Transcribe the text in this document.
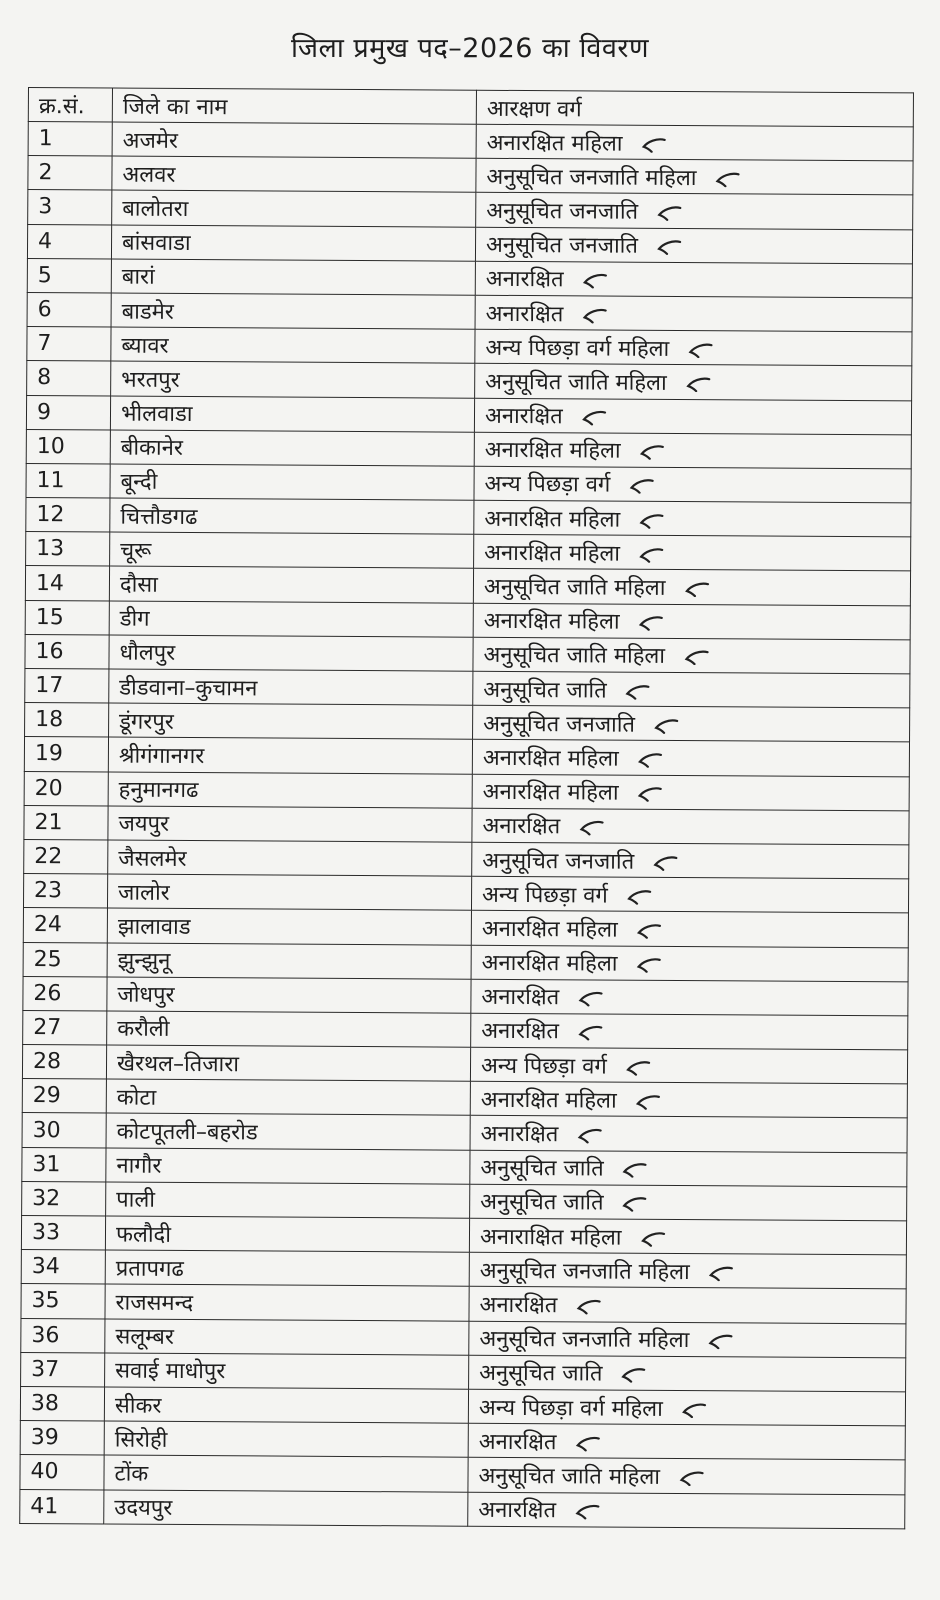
जिला प्रमुख पद–2026 का विवरण
क्र.सं.	जिले का नाम	आरक्षण वर्ग
1	अजमेर	अनारक्षित महिला

2	अलवर	अनुसूचित जनजाति महिला

3	बालोतरा	अनुसूचित जनजाति

4	बांसवाडा	अनुसूचित जनजाति

5	बारां	अनारक्षित

6	बाडमेर	अनारक्षित

7	ब्यावर	अन्य पिछड़ा वर्ग महिला

8	भरतपुर	अनुसूचित जाति महिला

9	भीलवाडा	अनारक्षित

10	बीकानेर	अनारक्षित महिला

11	बून्दी	अन्य पिछड़ा वर्ग

12	चित्तौडगढ	अनारक्षित महिला

13	चूरू	अनारक्षित महिला

14	दौसा	अनुसूचित जाति महिला

15	डीग	अनारक्षित महिला

16	धौलपुर	अनुसूचित जाति महिला

17	डीडवाना–कुचामन	अनुसूचित जाति

18	डूंगरपुर	अनुसूचित जनजाति

19	श्रीगंगानगर	अनारक्षित महिला

20	हनुमानगढ	अनारक्षित महिला

21	जयपुर	अनारक्षित

22	जैसलमेर	अनुसूचित जनजाति

23	जालोर	अन्य पिछड़ा वर्ग

24	झालावाड	अनारक्षित महिला

25	झुन्झुनू	अनारक्षित महिला

26	जोधपुर	अनारक्षित

27	करौली	अनारक्षित

28	खैरथल–तिजारा	अन्य पिछड़ा वर्ग

29	कोटा	अनारक्षित महिला

30	कोटपूतली–बहरोड	अनारक्षित

31	नागौर	अनुसूचित जाति

32	पाली	अनुसूचित जाति

33	फलौदी	अनाराक्षित महिला

34	प्रतापगढ	अनुसूचित जनजाति महिला

35	राजसमन्द	अनारक्षित

36	सलूम्बर	अनुसूचित जनजाति महिला

37	सवाई माधोपुर	अनुसूचित जाति

38	सीकर	अन्य पिछड़ा वर्ग महिला

39	सिरोही	अनारक्षित

40	टोंक	अनुसूचित जाति महिला

41	उदयपुर	अनारक्षित
